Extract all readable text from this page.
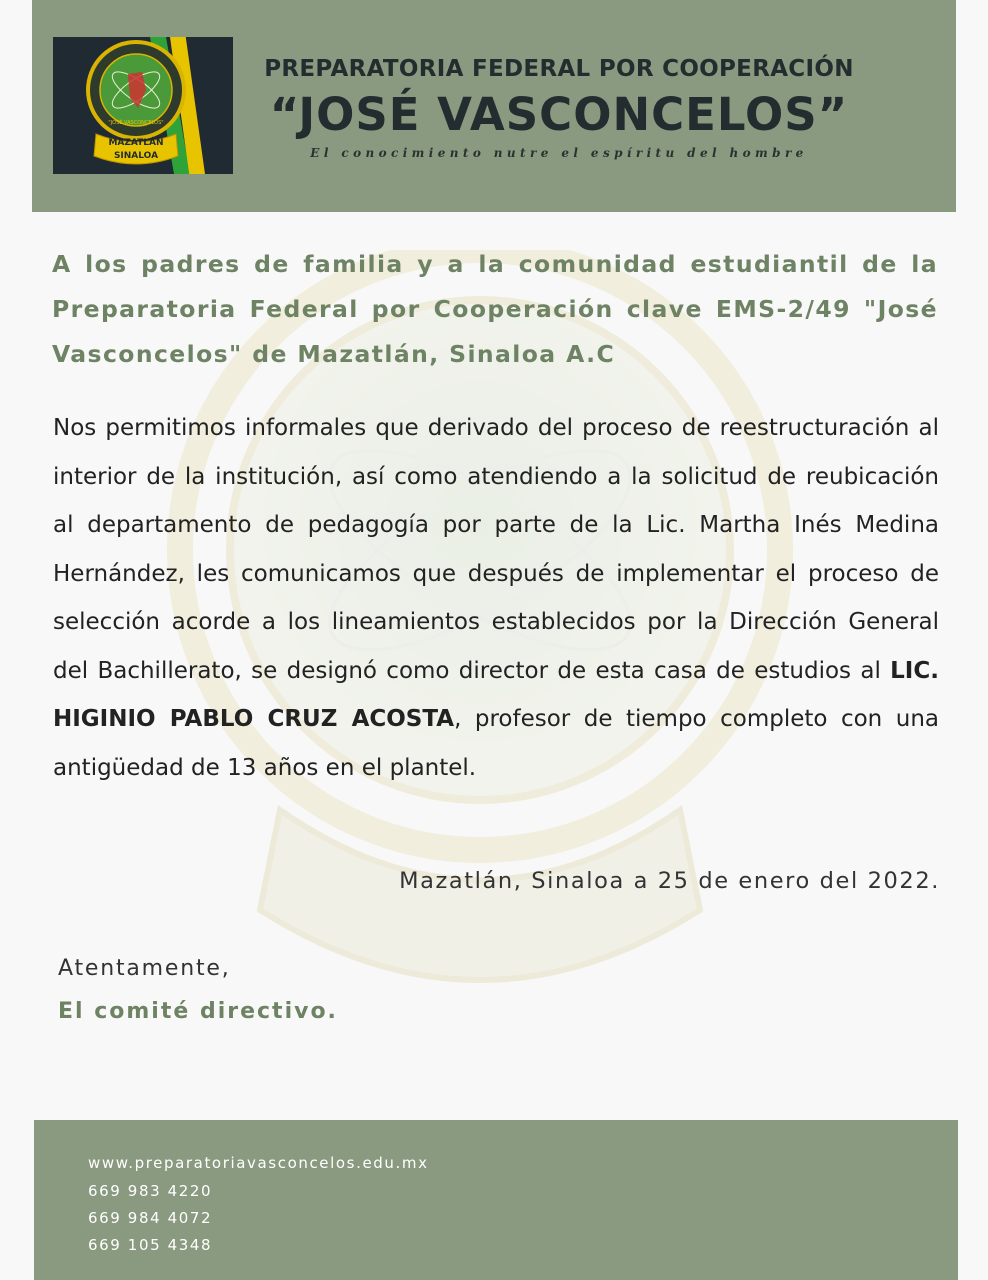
MAZATLÁN
SINALOA
"JOSÉ VASCONCELOS"
PREPARATORIA FEDERAL POR COOPERACIÓN
“JOSÉ VASCONCELOS”
El conocimiento nutre el espíritu del hombre
A los padres de familia y a la comunidad estudiantil de la Preparatoria Federal por Cooperación clave EMS-2/49 "José Vasconcelos" de Mazatlán, Sinaloa A.C
Nos permitimos informales que derivado del proceso de reestructuración al interior de la institución, así como atendiendo a la solicitud de reubicación al departamento de pedagogía por parte de la Lic. Martha Inés Medina Hernández, les comunicamos que después de implementar el proceso de selección acorde a los lineamientos establecidos por la Dirección General del Bachillerato, se designó como director de esta casa de estudios al LIC. HIGINIO PABLO CRUZ ACOSTA, profesor de tiempo completo con una antigüedad de 13 años en el plantel.
Mazatlán, Sinaloa a 25 de enero del 2022.
Atentamente,
El comité directivo.
www.preparatoriavasconcelos.edu.mx
669 983 4220
669 984 4072
669 105 4348
